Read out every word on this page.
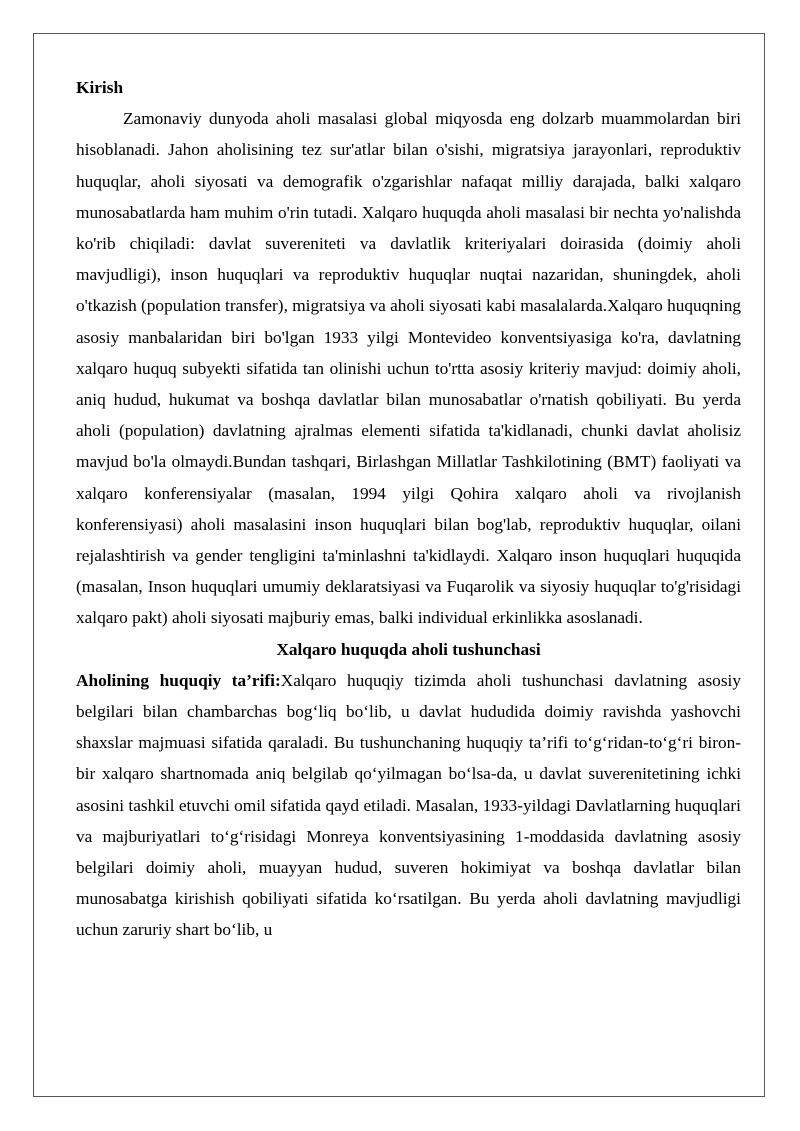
Kirish

Zamonaviy dunyoda aholi masalasi global miqyosda eng dolzarb muammolardan biri hisoblanadi. Jahon aholisining tez sur'atlar bilan o'sishi, migratsiya jarayonlari, reproduktiv huquqlar, aholi siyosati va demografik o'zgarishlar nafaqat milliy darajada, balki xalqaro munosabatlarda ham muhim o'rin tutadi. Xalqaro huquqda aholi masalasi bir nechta yo'nalishda ko'rib chiqiladi: davlat suvereniteti va davlatlik kriteriyalari doirasida (doimiy aholi mavjudligi), inson huquqlari va reproduktiv huquqlar nuqtai nazaridan, shuningdek, aholi o'tkazish (population transfer), migratsiya va aholi siyosati kabi masalalarda.Xalqaro huquqning asosiy manbalaridan biri bo'lgan 1933 yilgi Montevideo konventsiyasiga ko'ra, davlatning xalqaro huquq subyekti sifatida tan olinishi uchun to'rtta asosiy kriteriy mavjud: doimiy aholi, aniq hudud, hukumat va boshqa davlatlar bilan munosabatlar o'rnatish qobiliyati. Bu yerda aholi (population) davlatning ajralmas elementi sifatida ta'kidlanadi, chunki davlat aholisiz mavjud bo'la olmaydi.Bundan tashqari, Birlashgan Millatlar Tashkilotining (BMT) faoliyati va xalqaro konferensiyalar (masalan, 1994 yilgi Qohira xalqaro aholi va rivojlanish konferensiyasi) aholi masalasini inson huquqlari bilan bog'lab, reproduktiv huquqlar, oilani rejalashtirish va gender tengligini ta'minlashni ta'kidlaydi. Xalqaro inson huquqlari huquqida (masalan, Inson huquqlari umumiy deklaratsiyasi va Fuqarolik va siyosiy huquqlar to'g'risidagi xalqaro pakt) aholi siyosati majburiy emas, balki individual erkinlikka asoslanadi.

Xalqaro huquqda aholi tushunchasi

Aholining huquqiy ta’rifi:Xalqaro huquqiy tizimda aholi tushunchasi davlatning asosiy belgilari bilan chambarchas bog‘liq bo‘lib, u davlat hududida doimiy ravishda yashovchi shaxslar majmuasi sifatida qaraladi. Bu tushunchaning huquqiy ta’rifi to‘g‘ridan-to‘g‘ri biron-bir xalqaro shartnomada aniq belgilab qo‘yilmagan bo‘lsa-da, u davlat suverenitetining ichki asosini tashkil etuvchi omil sifatida qayd etiladi. Masalan, 1933-yildagi Davlatlarning huquqlari va majburiyatlari to‘g‘risidagi Monreya konventsiyasining 1-moddasida davlatning asosiy belgilari doimiy aholi, muayyan hudud, suveren hokimiyat va boshqa davlatlar bilan munosabatga kirishish qobiliyati sifatida ko‘rsatilgan. Bu yerda aholi davlatning mavjudligi uchun zaruriy shart bo‘lib, u
